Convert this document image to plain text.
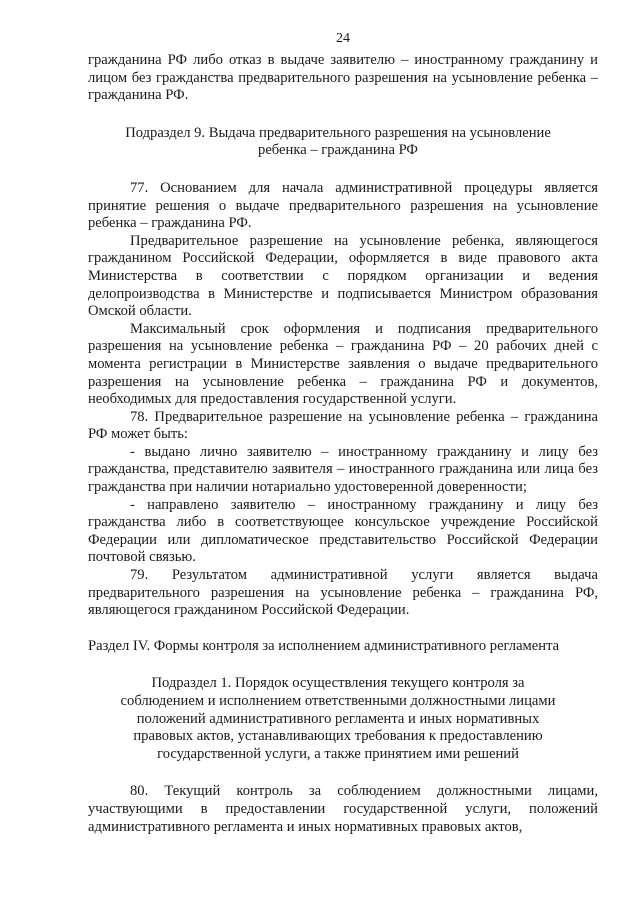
24

гражданина РФ либо отказ в выдаче заявителю – иностранному гражданину и лицом без гражданства предварительного разрешения на усыновление ребенка – гражданина РФ.

Подраздел 9. Выдача предварительного разрешения на усыновление ребенка – гражданина РФ

77. Основанием для начала административной процедуры является принятие решения о выдаче предварительного разрешения на усыновление ребенка – гражданина РФ.

Предварительное разрешение на усыновление ребенка, являющегося гражданином Российской Федерации, оформляется в виде правового акта Министерства в соответствии с порядком организации и ведения делопроизводства в Министерстве и подписывается Министром образования Омской области.

Максимальный срок оформления и подписания предварительного разрешения на усыновление ребенка – гражданина РФ – 20 рабочих дней с момента регистрации в Министерстве заявления о выдаче предварительного разрешения на усыновление ребенка – гражданина РФ и документов, необходимых для предоставления государственной услуги.

78. Предварительное разрешение на усыновление ребенка – гражданина РФ может быть:

- выдано лично заявителю – иностранному гражданину и лицу без гражданства, представителю заявителя – иностранного гражданина или лица без гражданства при наличии нотариально удостоверенной доверенности;

- направлено заявителю – иностранному гражданину и лицу без гражданства либо в соответствующее консульское учреждение Российской Федерации или дипломатическое представительство Российской Федерации почтовой связью.

79. Результатом административной услуги является выдача предварительного разрешения на усыновление ребенка – гражданина РФ, являющегося гражданином Российской Федерации.

Раздел IV. Формы контроля за исполнением административного регламента

Подраздел 1. Порядок осуществления текущего контроля за соблюдением и исполнением ответственными должностными лицами положений административного регламента и иных нормативных правовых актов, устанавливающих требования к предоставлению государственной услуги, а также принятием ими решений

80. Текущий контроль за соблюдением должностными лицами, участвующими в предоставлении государственной услуги, положений административного регламента и иных нормативных правовых актов,
